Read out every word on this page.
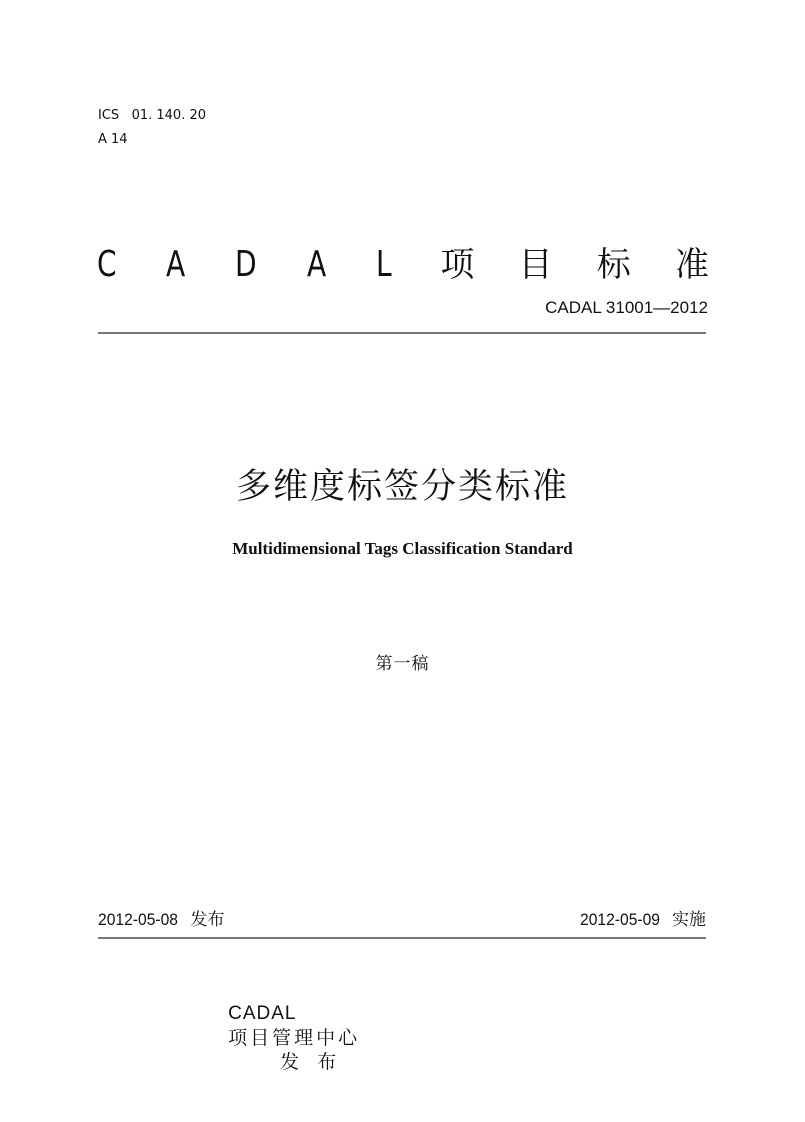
ICS 01. 140. 20
A 14
C A D A L 项 目 标 准
CADAL 31001—2012
多维度标签分类标准
Multidimensional Tags Classification Standard
第一稿
2012-05-08 发布	2012-05-09 实施

CADAL
项目管理中心
发布
